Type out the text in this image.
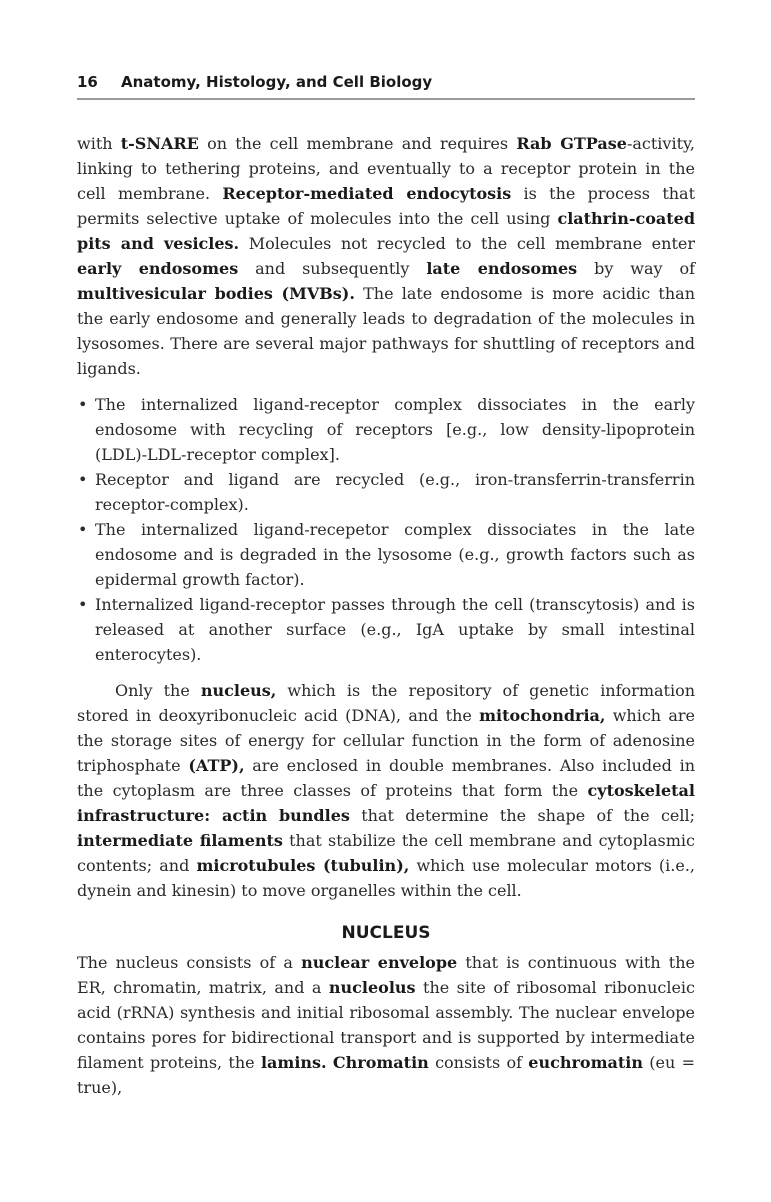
16 Anatomy, Histology, and Cell Biology

with t-SNARE on the cell membrane and requires Rab GTPase-activity, linking to tethering proteins, and eventually to a receptor protein in the cell membrane. Receptor-mediated endocytosis is the process that permits selective uptake of molecules into the cell using clathrin-coated pits and vesicles. Molecules not recycled to the cell membrane enter early endosomes and subsequently late endosomes by way of multivesicular bodies (MVBs). The late endosome is more acidic than the early endosome and generally leads to degradation of the molecules in lysosomes. There are several major pathways for shuttling of receptors and ligands.

• The internalized ligand-receptor complex dissociates in the early endosome with recycling of receptors [e.g., low density-lipoprotein (LDL)-LDL-receptor complex].
• Receptor and ligand are recycled (e.g., iron-transferrin-transferrin receptor-complex).
• The internalized ligand-recepetor complex dissociates in the late endosome and is degraded in the lysosome (e.g., growth factors such as epidermal growth factor).
• Internalized ligand-receptor passes through the cell (transcytosis) and is released at another surface (e.g., IgA uptake by small intestinal enterocytes).

Only the nucleus, which is the repository of genetic information stored in deoxyribonucleic acid (DNA), and the mitochondria, which are the storage sites of energy for cellular function in the form of adenosine triphosphate (ATP), are enclosed in double membranes. Also included in the cytoplasm are three classes of proteins that form the cytoskeletal infrastructure: actin bundles that determine the shape of the cell; intermediate filaments that stabilize the cell membrane and cytoplasmic contents; and microtubules (tubulin), which use molecular motors (i.e., dynein and kinesin) to move organelles within the cell.

NUCLEUS

The nucleus consists of a nuclear envelope that is continuous with the ER, chromatin, matrix, and a nucleolus the site of ribosomal ribonucleic acid (rRNA) synthesis and initial ribosomal assembly. The nuclear envelope contains pores for bidirectional transport and is supported by intermediate filament proteins, the lamins. Chromatin consists of euchromatin (eu = true),
